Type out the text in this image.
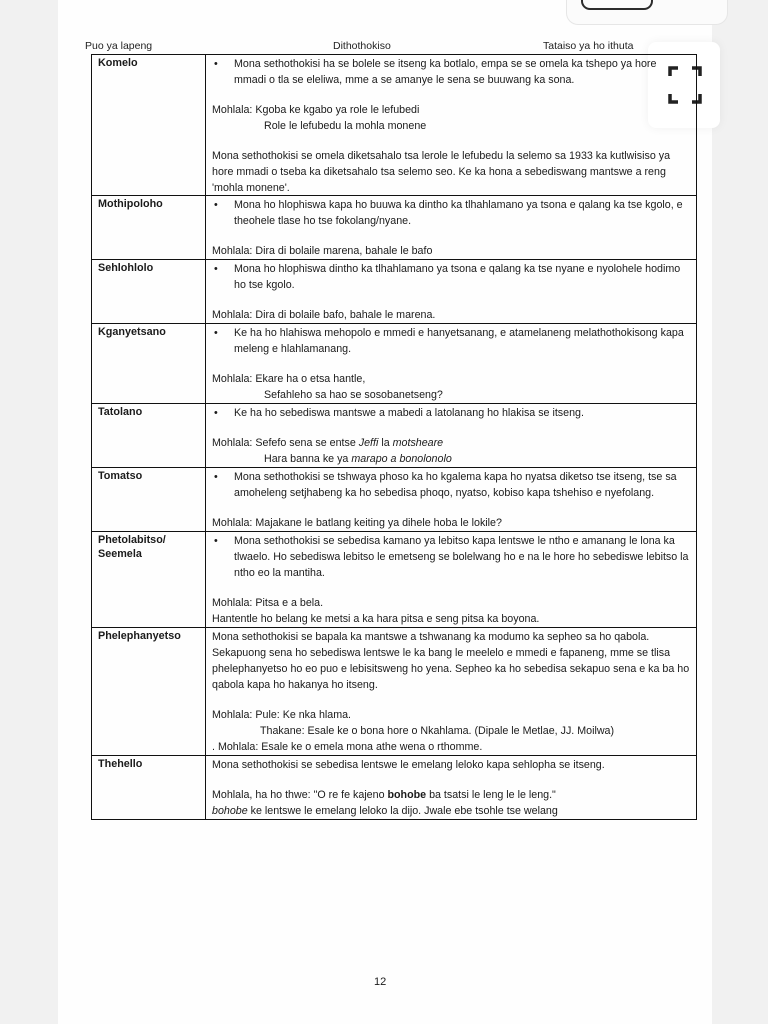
Puo ya lapeng	Dithothokiso	Tataiso ya ho ithuta
Komelo	• Mona sethothokisi ha se bolele se itseng ka botlalo, empa se se omela ka tshepo ya hore mmadi o tla se eleliwa, mme a se amanye le sena se buuwang ka sona.
Mohlala: Kgoba ke kgabo ya role le lefubedi
Role le lefubedu la mohla monene
Mona sethothokisi se omela diketsahalo tsa lerole le lefubedu la selemo sa 1933 ka kutlwisiso ya hore mmadi o tseba ka diketsahalo tsa selemo seo. Ke ka hona a sebediswang mantswe a reng 'mohla monene'.

Mothipoloho	• Mona ho hlophiswa kapa ho buuwa ka dintho ka tlhahlamano ya tsona e qalang ka tse kgolo, e theohele tlase ho tse fokolang/nyane.
Mohlala: Dira di bolaile marena, bahale le bafo

Sehlohlolo	• Mona ho hlophiswa dintho ka tlhahlamano ya tsona e qalang ka tse nyane e nyolohele hodimo ho tse kgolo.
Mohlala: Dira di bolaile bafo, bahale le marena.

Kganyetsano	• Ke ha ho hlahiswa mehopolo e mmedi e hanyetsanang, e atamelaneng melathothokisong kapa meleng e hlahlamanang.
Mohlala: Ekare ha o etsa hantle,
Sefahleho sa hao se sosobanetseng?

Tatolano	• Ke ha ho sebediswa mantswe a mabedi a latolanang ho hlakisa se itseng.
Mohlala: Sefefo sena se entse Jeffi la motsheare
Hara banna ke ya marapo a bonolonolo

Tomatso	• Mona sethothokisi se tshwaya phoso ka ho kgalema kapa ho nyatsa diketso tse itseng, tse sa amoheleng setjhabeng ka ho sebedisa phoqo, nyatso, kobiso kapa tshehiso e nyefolang.
Mohlala: Majakane le batlang keiting ya dihele hoba le lokile?

Phetolabitso/ Seemela	• Mona sethothokisi se sebedisa kamano ya lebitso kapa lentswe le ntho e amanang le lona ka tlwaelo. Ho sebediswa lebitso le emetseng se bolelwang ho e na le hore ho sebediswe lebitso la ntho eo la mantiha.
Mohlala: Pitsa e a bela.
Hantentle ho belang ke metsi a ka hara pitsa e seng pitsa ka boyona.

Phelephanyetso	Mona sethothokisi se bapala ka mantswe a tshwanang ka modumo ka sepheo sa ho qabola. Sekapuong sena ho sebediswa lentswe le ka bang le meelelo e mmedi e fapaneng, mme se tlisa phelephanyetso ho eo puo e lebisitsweng ho yena. Sepheo ka ho sebedisa sekapuo sena e ka ba ho qabola kapa ho hakanya ho itseng.
Mohlala: Pule: Ke nka hlama.
Thakane: Esale ke o bona hore o Nkahlama. (Dipale le Metlae, JJ. Moilwa)
. Mohlala: Esale ke o emela mona athe wena o rthomme.

Thehello	Mona sethothokisi se sebedisa lentswe le emelang leloko kapa sehlopha se itseng.
Mohlala, ha ho thwe: "O re fe kajeno bohobe ba tsatsi le leng le le leng."
bohobe ke lentswe le emelang leloko la dijo. Jwale ebe tsohle tse welang
12
